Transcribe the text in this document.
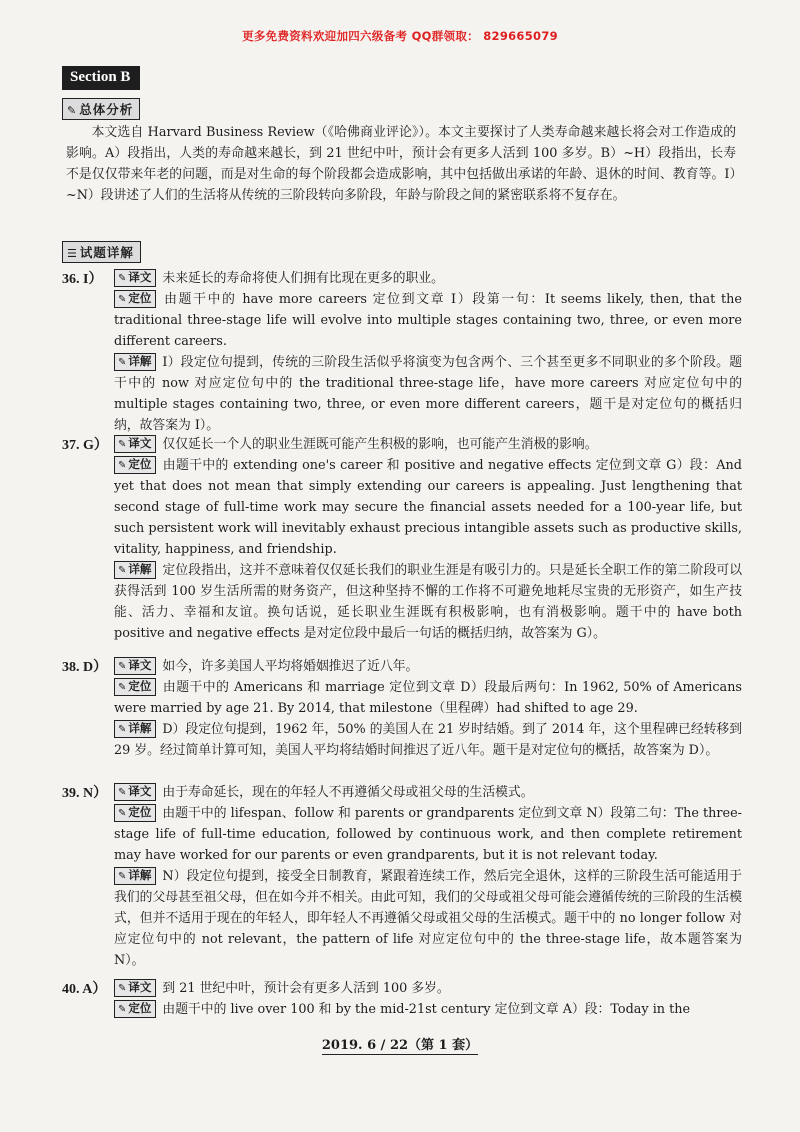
更多免费资料欢迎加四六级备考 QQ群领取： 829665079
Section B
✎ 总体分析
本文选自 Harvard Business Review（《哈佛商业评论》）。本文主要探讨了人类寿命越来越长将会对工作造成的影响。A）段指出，人类的寿命越来越长，到 21 世纪中叶，预计会有更多人活到 100 多岁。B）~H）段指出，长寿不是仅仅带来年老的问题，而是对生命的每个阶段都会造成影响，其中包括做出承诺的年龄、退休的时间、教育等。I）~N）段讲述了人们的生活将从传统的三阶段转向多阶段，年龄与阶段之间的紧密联系将不复存在。
☰ 试题详解
36. I）	✎ 译文 未来延长的寿命将使人们拥有比现在更多的职业。
✎ 定位 由题干中的 have more careers 定位到文章 I）段第一句：It seems likely, then, that the traditional three-stage life will evolve into multiple stages containing two, three, or even more different careers.
✎ 详解 I）段定位句提到，传统的三阶段生活似乎将演变为包含两个、三个甚至更多不同职业的多个阶段。题干中的 now 对应定位句中的 the traditional three-stage life，have more careers 对应定位句中的 multiple stages containing two, three, or even more different careers，题干是对定位句的概括归纳，故答案为 I）。
37. G）	✎ 译文 仅仅延长一个人的职业生涯既可能产生积极的影响，也可能产生消极的影响。
✎ 定位 由题干中的 extending one's career 和 positive and negative effects 定位到文章 G）段：And yet that does not mean that simply extending our careers is appealing. Just lengthening that second stage of full-time work may secure the financial assets needed for a 100-year life, but such persistent work will inevitably exhaust precious intangible assets such as productive skills, vitality, happiness, and friendship.
✎ 详解 定位段指出，这并不意味着仅仅延长我们的职业生涯是有吸引力的。只是延长全职工作的第二阶段可以获得活到 100 岁生活所需的财务资产，但这种坚持不懈的工作将不可避免地耗尽宝贵的无形资产，如生产技能、活力、幸福和友谊。换句话说，延长职业生涯既有积极影响，也有消极影响。题干中的 have both positive and negative effects 是对定位段中最后一句话的概括归纳，故答案为 G）。
38. D）	✎ 译文 如今，许多美国人平均将婚姻推迟了近八年。
✎ 定位 由题干中的 Americans 和 marriage 定位到文章 D）段最后两句：In 1962, 50% of Americans were married by age 21. By 2014, that milestone（里程碑）had shifted to age 29.
✎ 详解 D）段定位句提到，1962 年，50% 的美国人在 21 岁时结婚。到了 2014 年，这个里程碑已经转移到 29 岁。经过简单计算可知，美国人平均将结婚时间推迟了近八年。题干是对定位句的概括，故答案为 D）。
39. N）	✎ 译文 由于寿命延长，现在的年轻人不再遵循父母或祖父母的生活模式。
✎ 定位 由题干中的 lifespan、follow 和 parents or grandparents 定位到文章 N）段第二句：The three-stage life of full-time education, followed by continuous work, and then complete retirement may have worked for our parents or even grandparents, but it is not relevant today.
✎ 详解 N）段定位句提到，接受全日制教育，紧跟着连续工作，然后完全退休，这样的三阶段生活可能适用于我们的父母甚至祖父母，但在如今并不相关。由此可知，我们的父母或祖父母可能会遵循传统的三阶段的生活模式，但并不适用于现在的年轻人，即年轻人不再遵循父母或祖父母的生活模式。题干中的 no longer follow 对应定位句中的 not relevant，the pattern of life 对应定位句中的 the three-stage life，故本题答案为 N）。
40. A）	✎ 译文 到 21 世纪中叶，预计会有更多人活到 100 多岁。
✎ 定位 由题干中的 live over 100 和 by the mid-21st century 定位到文章 A）段：Today in the
2019. 6 / 22（第 1 套）
